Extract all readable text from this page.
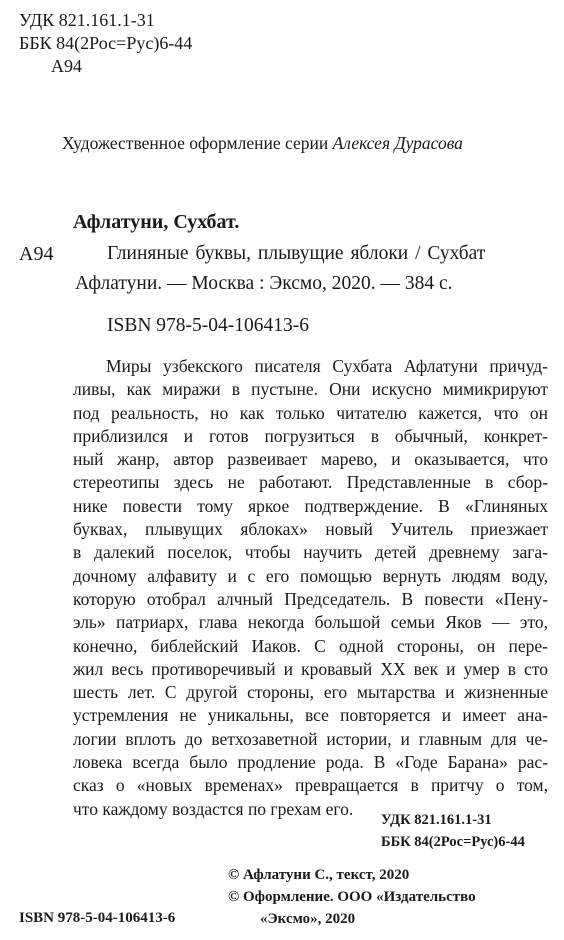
УДК 821.161.1-31
ББК 84(2Рос=Рус)6-44
А94
Художественное оформление серии Алексея Дурасова
Афлатуни, Сухбат.
А94	Глиняные буквы, плывущие яблоки / Сухбат
Афлатуни. — Москва : Эксмо, 2020. — 384 с.
ISBN 978-5-04-106413-6
Миры узбекского писателя Сухбата Афлатуни причуд-
ливы, как миражи в пустыне. Они искусно мимикрируют
под реальность, но как только читателю кажется, что он
приблизился и готов погрузиться в обычный, конкрет-
ный жанр, автор развеивает марево, и оказывается, что
стереотипы здесь не работают. Представленные в сбор-
нике повести тому яркое подтверждение. В «Глиняных
буквах, плывущих яблоках» новый Учитель приезжает
в далекий поселок, чтобы научить детей древнему зага-
дочному алфавиту и с его помощью вернуть людям воду,
которую отобрал алчный Председатель. В повести «Пену-
эль» патриарх, глава некогда большой семьи Яков — это,
конечно, библейский Иаков. С одной стороны, он пере-
жил весь противоречивый и кровавый XX век и умер в сто
шесть лет. С другой стороны, его мытарства и жизненные
устремления не уникальны, все повторяется и имеет ана-
логии вплоть до ветхозаветной истории, и главным для че-
ловека всегда было продление рода. В «Годе Барана» рас-
сказ о «новых временах» превращается в притчу о том,
что каждому воздастся по грехам его.
УДК 821.161.1-31
ББК 84(2Рос=Рус)6-44
© Афлатуни С., текст, 2020
© Оформление. ООО «Издательство
«Эксмо», 2020
ISBN 978-5-04-106413-6
